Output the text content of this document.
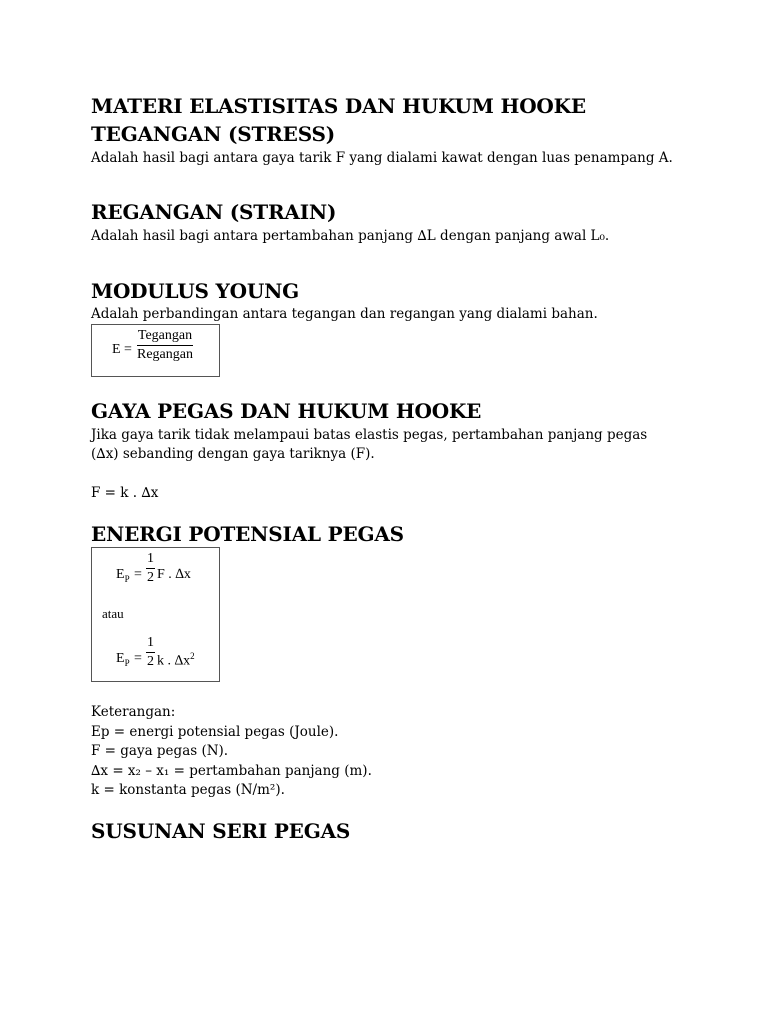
MATERI ELASTISITAS DAN HUKUM HOOKE
TEGANGAN (STRESS)
Adalah hasil bagi antara gaya tarik F yang dialami kawat dengan luas penampang A.
REGANGAN (STRAIN)
Adalah hasil bagi antara pertambahan panjang ∆L dengan panjang awal L₀.
MODULUS YOUNG
Adalah perbandingan antara tegangan dan regangan yang dialami bahan.
E =
Tegangan
Regangan
GAYA PEGAS DAN HUKUM HOOKE
Jika gaya tarik tidak melampaui batas elastis pegas, pertambahan panjang pegas
(∆x) sebanding dengan gaya tariknya (F).
F = k . ∆x
ENERGI POTENSIAL PEGAS
$E_P$ =
1
2 F . ∆x
atau
$E_P$ =
1
2 k . $\Delta x^2$
Keterangan:
Ep = energi potensial pegas (Joule).
F = gaya pegas (N).
∆x = x₂ – x₁ = pertambahan panjang (m).
k = konstanta pegas (N/m²).
SUSUNAN SERI PEGAS
